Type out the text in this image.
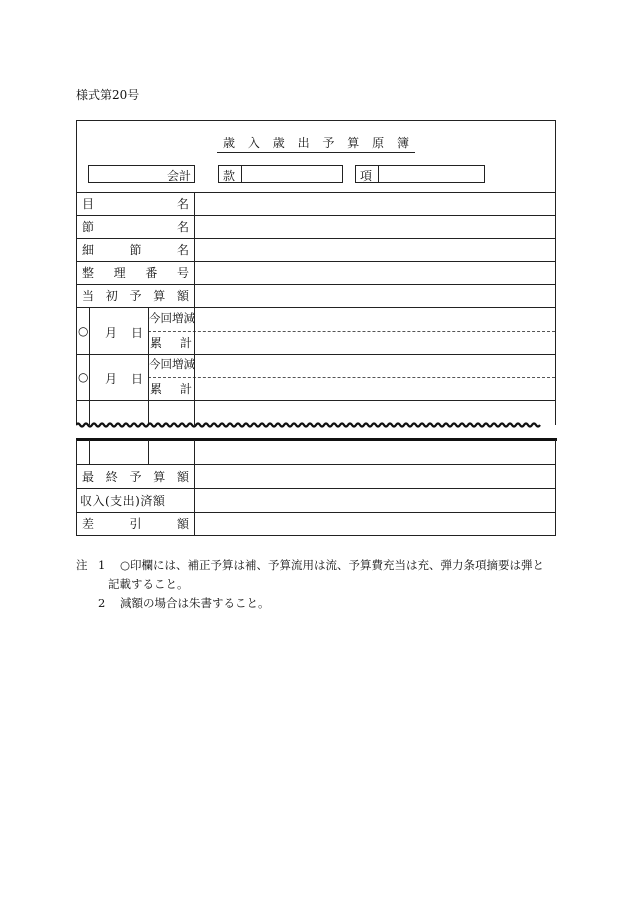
様式第20号
歳入歳出予算原簿
会計	款	項
目	名
節	名
細	節	名
整 理 番 号
当 初 予 算 額
○ 月 日
今回増減
累 計
○ 月 日
今回増減
累 計
最 終 予 算 額
収入(支出)済額
差	引	額
注 1	○印欄には、補正予算は補、予算流用は流、予算費充当は充、弾力条項摘要は弾と
記載すること。
2	減額の場合は朱書すること。
